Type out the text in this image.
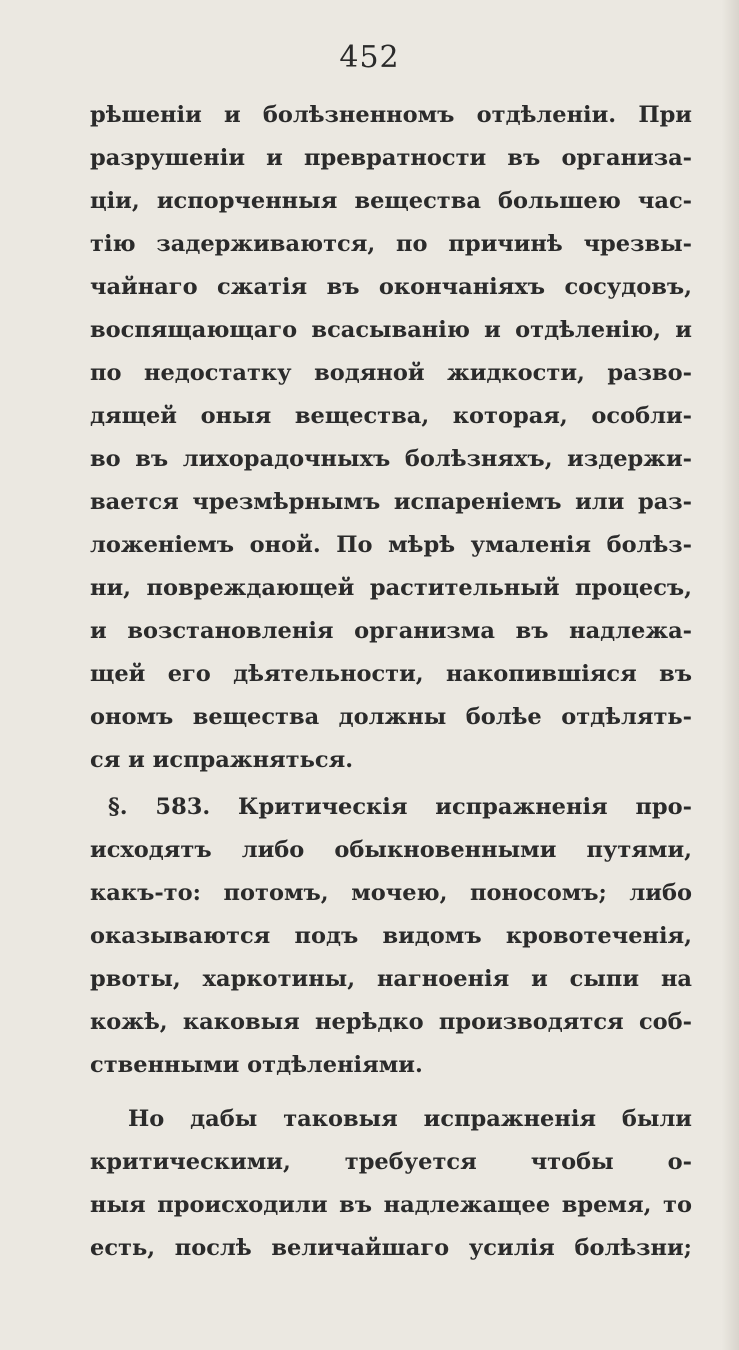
452
рѣшеніи и болѣзненномъ отдѣленіи. При
разрушеніи и превратности въ организа-
ціи, испорченныя вещества большею час-
тію задерживаются, по причинѣ чрезвы-
чайнаго сжатія въ окончаніяхъ сосудовъ,
воспящающаго всасыванію и отдѣленію, и
по недостатку водяной жидкости, разво-
дящей оныя вещества, которая, особли-
во въ лихорадочныхъ болѣзняхъ, издержи-
вается чрезмѣрнымъ испареніемъ или раз-
ложеніемъ оной. По мѣрѣ умаленія болѣз-
ни, повреждающей растительный процесъ,
и возстановленія организма въ надлежа-
щей его дѣятельности, накопившіяся въ
ономъ вещества должны болѣе отдѣлять-
ся и испражняться.
§. 583. Критическія испражненія про-
исходятъ либо обыкновенными путями,
какъ-то: потомъ, мочею, поносомъ; либо
оказываются подъ видомъ кровотеченія,
рвоты, харкотины, нагноенія и сыпи на
кожѣ, каковыя нерѣдко производятся соб-
ственными отдѣленіями.
Но дабы таковыя испражненія были
критическими, требуется чтобы о-
ныя происходили въ надлежащее время, то
есть, послѣ величайшаго усилія болѣзни;
